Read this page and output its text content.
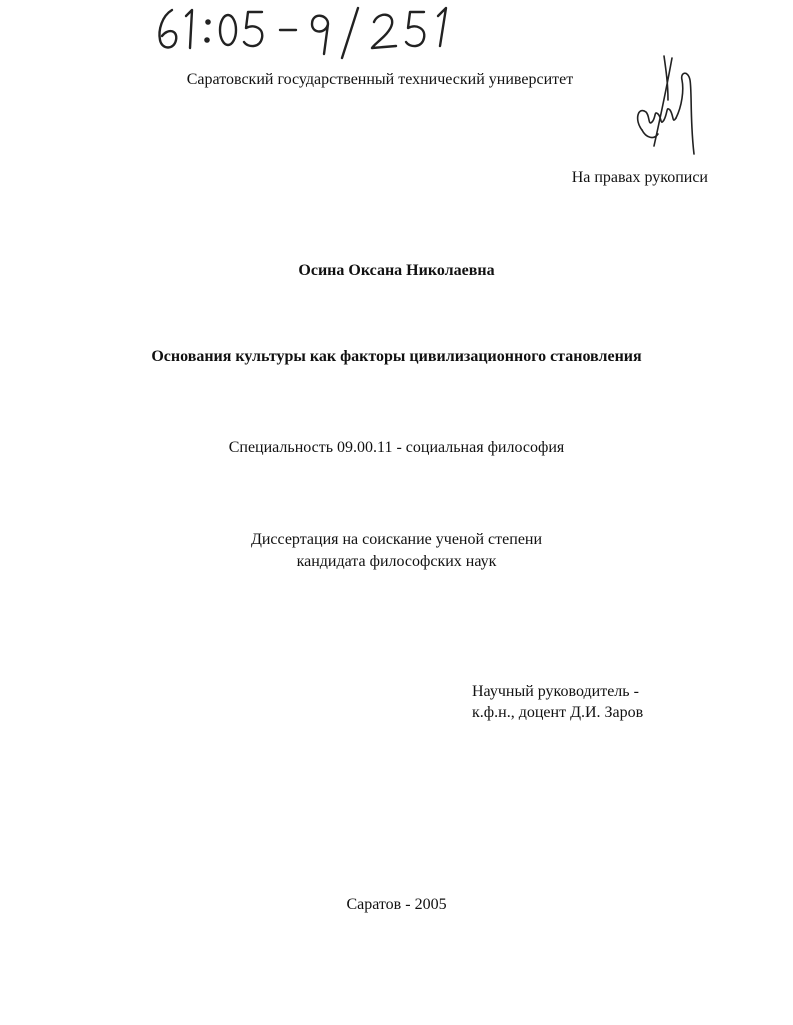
Саратовский государственный технический университет
На правах рукописи
Осина Оксана Николаевна
Основания культуры как факторы цивилизационного становления
Специальность 09.00.11 - социальная философия
Диссертация на соискание ученой степени
кандидата философских наук
Научный руководитель -
к.ф.н., доцент Д.И. Заров
Саратов - 2005
